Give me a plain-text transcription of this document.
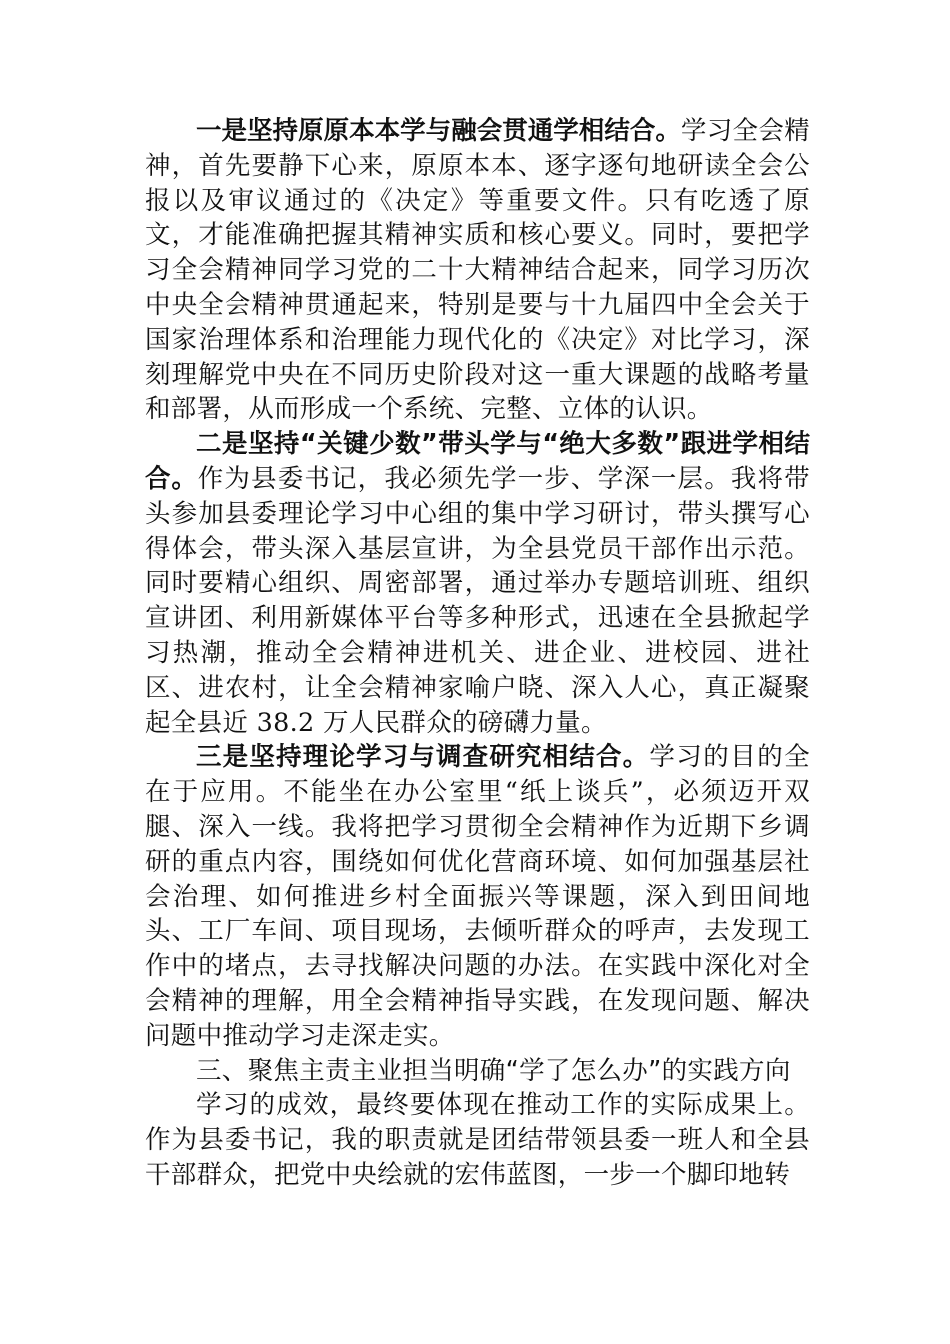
一是坚持原原本本学与融会贯通学相结合。学习全会精神，首先要静下心来，原原本本、逐字逐句地研读全会公报以及审议通过的《决定》等重要文件。只有吃透了原文，才能准确把握其精神实质和核心要义。同时，要把学习全会精神同学习党的二十大精神结合起来，同学习历次中央全会精神贯通起来，特别是要与十九届四中全会关于国家治理体系和治理能力现代化的《决定》对比学习，深刻理解党中央在不同历史阶段对这一重大课题的战略考量和部署，从而形成一个系统、完整、立体的认识。

二是坚持“关键少数”带头学与“绝大多数”跟进学相结合。作为县委书记，我必须先学一步、学深一层。我将带头参加县委理论学习中心组的集中学习研讨，带头撰写心得体会，带头深入基层宣讲，为全县党员干部作出示范。同时要精心组织、周密部署，通过举办专题培训班、组织宣讲团、利用新媒体平台等多种形式，迅速在全县掀起学习热潮，推动全会精神进机关、进企业、进校园、进社区、进农村，让全会精神家喻户晓、深入人心，真正凝聚起全县近 38.2 万人民群众的磅礴力量。

三是坚持理论学习与调查研究相结合。学习的目的全在于应用。不能坐在办公室里“纸上谈兵”，必须迈开双腿、深入一线。我将把学习贯彻全会精神作为近期下乡调研的重点内容，围绕如何优化营商环境、如何加强基层社会治理、如何推进乡村全面振兴等课题，深入到田间地头、工厂车间、项目现场，去倾听群众的呼声，去发现工作中的堵点，去寻找解决问题的办法。在实践中深化对全会精神的理解，用全会精神指导实践，在发现问题、解决问题中推动学习走深走实。

三、聚焦主责主业担当明确“学了怎么办”的实践方向

学习的成效，最终要体现在推动工作的实际成果上。作为县委书记，我的职责就是团结带领县委一班人和全县干部群众，把党中央绘就的宏伟蓝图，一步一个脚印地转
